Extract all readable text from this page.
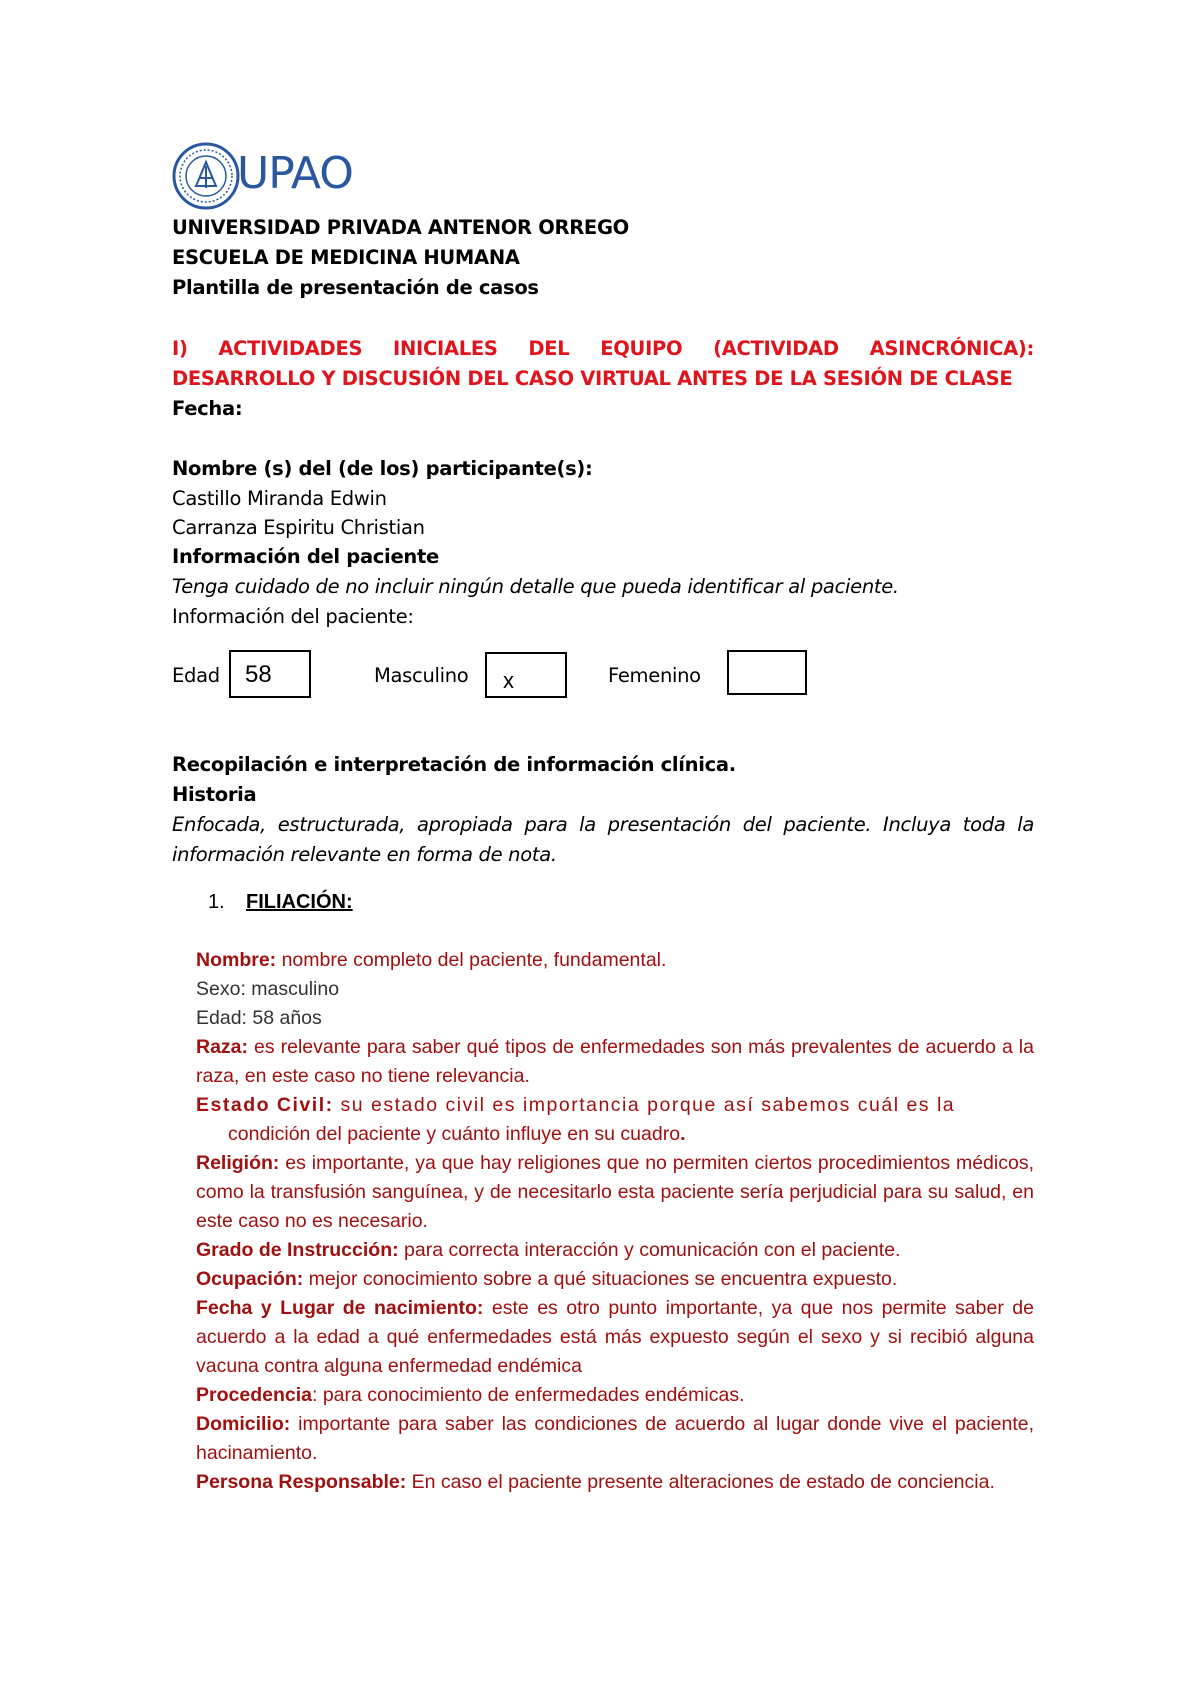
UPAO
UNIVERSIDAD PRIVADA ANTENOR ORREGO
ESCUELA DE MEDICINA HUMANA
Plantilla de presentación de casos
I) ACTIVIDADES INICIALES DEL EQUIPO (ACTIVIDAD ASINCRÓNICA): DESARROLLO Y DISCUSIÓN DEL CASO VIRTUAL ANTES DE LA SESIÓN DE CLASE
Fecha:
Nombre (s) del (de los) participante(s):
Castillo Miranda Edwin
Carranza Espiritu Christian
Información del paciente
Tenga cuidado de no incluir ningún detalle que pueda identificar al paciente.
Información del paciente:
Edad 58	Masculino x	Femenino
Recopilación e interpretación de información clínica.
Historia
Enfocada, estructurada, apropiada para la presentación del paciente. Incluya toda la información relevante en forma de nota.
1. FILIACIÓN:
Nombre: nombre completo del paciente, fundamental.
Sexo: masculino
Edad: 58 años
Raza: es relevante para saber qué tipos de enfermedades son más prevalentes de acuerdo a la raza, en este caso no tiene relevancia.
Estado Civil: su estado civil es importancia porque así sabemos cuál es la
condición del paciente y cuánto influye en su cuadro.
Religión: es importante, ya que hay religiones que no permiten ciertos procedimientos médicos, como la transfusión sanguínea, y de necesitarlo esta paciente sería perjudicial para su salud, en este caso no es necesario.
Grado de Instrucción: para correcta interacción y comunicación con el paciente.
Ocupación: mejor conocimiento sobre a qué situaciones se encuentra expuesto.
Fecha y Lugar de nacimiento: este es otro punto importante, ya que nos permite saber de acuerdo a la edad a qué enfermedades está más expuesto según el sexo y si recibió alguna vacuna contra alguna enfermedad endémica
Procedencia: para conocimiento de enfermedades endémicas.
Domicilio: importante para saber las condiciones de acuerdo al lugar donde vive el paciente, hacinamiento.
Persona Responsable: En caso el paciente presente alteraciones de estado de conciencia.
